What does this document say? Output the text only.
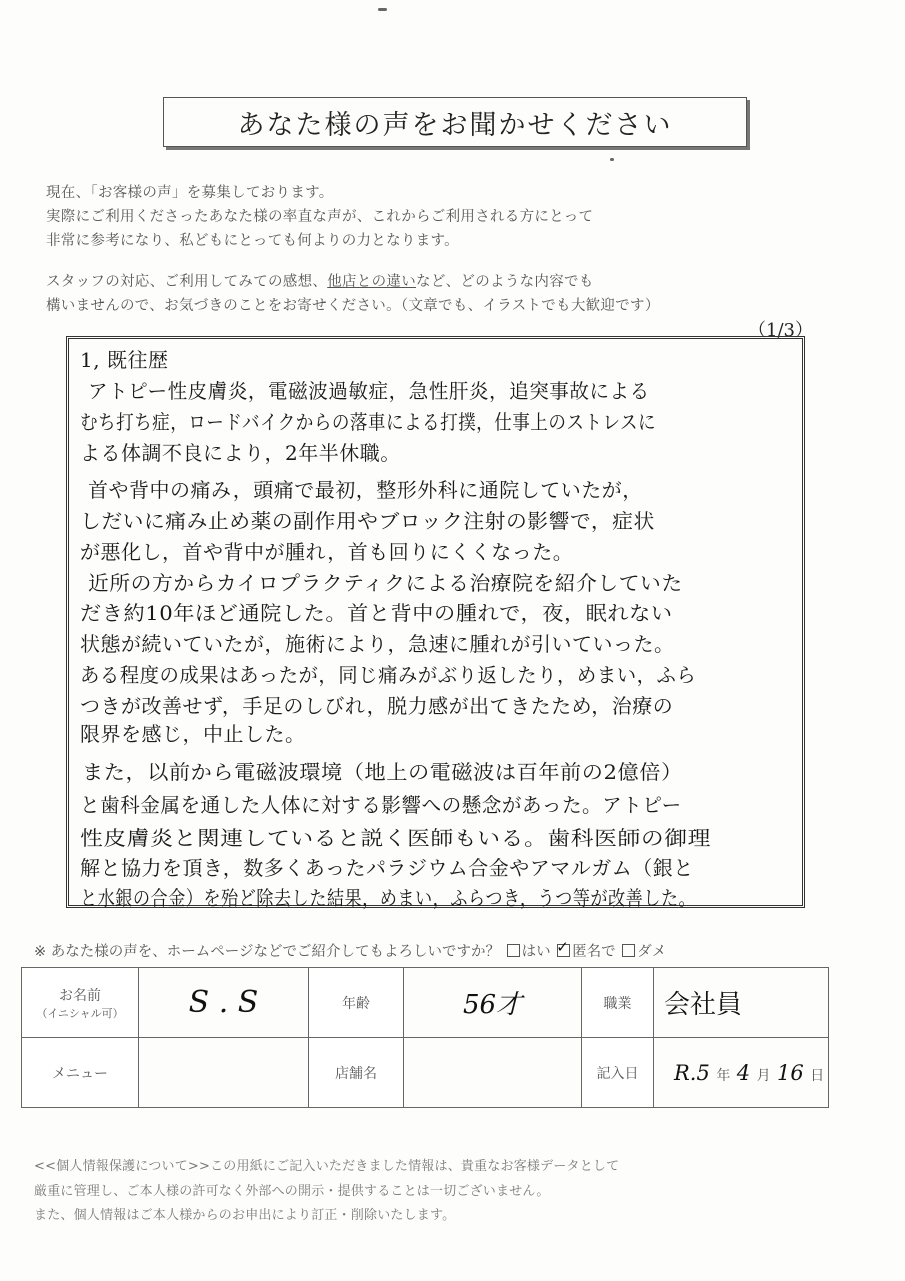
あなた様の声をお聞かせください
現在、「お客様の声」を募集しております。
実際にご利用くださったあなた様の率直な声が、これからご利用される方にとって
非常に参考になり、私どもにとっても何よりの力となります。
スタッフの対応、ご利用してみての感想、他店との違いなど、どのような内容でも
構いませんので、お気づきのことをお寄せください。（文章でも、イラストでも大歓迎です）
（1/3）
1, 既往歴
アトピー性皮膚炎，電磁波過敏症，急性肝炎，追突事故による
むち打ち症，ロードバイクからの落車による打撲，仕事上のストレスに
よる体調不良により，2年半休職。
首や背中の痛み，頭痛で最初，整形外科に通院していたが，
しだいに痛み止め薬の副作用やブロック注射の影響で，症状
が悪化し，首や背中が腫れ，首も回りにくくなった。
近所の方からカイロプラクティクによる治療院を紹介していた
だき約10年ほど通院した。首と背中の腫れで，夜，眠れない
状態が続いていたが，施術により，急速に腫れが引いていった。
ある程度の成果はあったが，同じ痛みがぶり返したり，めまい，ふら
つきが改善せず，手足のしびれ，脱力感が出てきたため，治療の
限界を感じ，中止した。
また，以前から電磁波環境（地上の電磁波は百年前の2億倍）
と歯科金属を通した人体に対する影響への懸念があった。アトピー
性皮膚炎と関連していると説く医師もいる。歯科医師の御理
解と協力を頂き，数多くあったパラジウム合金やアマルガム（銀と
と水銀の合金）を殆ど除去した結果，めまい，ふらつき，うつ等が改善した。
※ あなた様の声を、ホームページなどでご紹介してもよろしいですか？ はい ✓ 匿名で ダメ
お名前
（イニシャル可）	S . S	年齢	56才	職業	会社員
メニュー		店舗名		記入日	R.5 年 4 月 16 日
<<個人情報保護について>>この用紙にご記入いただきました情報は、貴重なお客様データとして
厳重に管理し、ご本人様の許可なく外部への開示・提供することは一切ございません。
また、個人情報はご本人様からのお申出により訂正・削除いたします。
